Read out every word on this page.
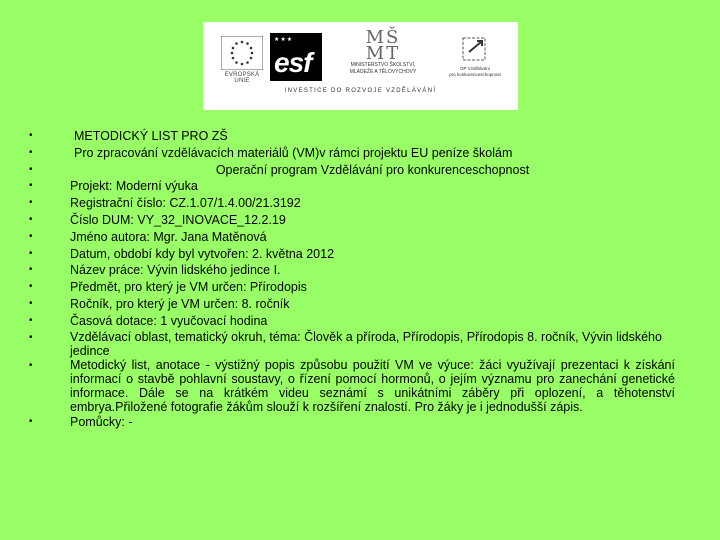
EVROPSKÁ UNIE
★★★
esf
MŠ
MT
MINISTERSTVO ŠKOLSTVÍ,
MLÁDEŽE A TĚLOVÝCHOVY
OP Vzdělávání
pro konkurenceschopnost
INVESTICE DO ROZVOJE VZDĚLÁVÁNÍ
•	METODICKÝ LIST PRO ZŠ
•	Pro zpracování vzdělávacích materiálů (VM)v rámci projektu EU peníze školám
•	Operační program Vzdělávání pro konkurenceschopnost
•	Projekt: Moderní výuka
•	Registrační číslo: CZ.1.07/1.4.00/21.3192
•	Číslo DUM: VY_32_INOVACE_12.2.19
•	Jméno autora: Mgr. Jana Matěnová
•	Datum, období kdy byl vytvořen: 2. května 2012
•	Název práce: Vývin lidského jedince I.
•	Předmět, pro který je VM určen: Přírodopis
•	Ročník, pro který je VM určen: 8. ročník
•	Časová dotace: 1 vyučovací hodina
•	Vzdělávací oblast, tematický okruh, téma: Člověk a příroda, Přírodopis, Přírodopis 8. ročník, Vývin lidského jedince
•	Metodický list, anotace - výstižný popis způsobu použití VM ve výuce: žáci využívají prezentaci k získání informací o stavbě pohlavní soustavy, o řízení pomocí hormonů, o jejím významu pro zanechání genetické informace. Dále se na krátkém videu seznámí s unikátními záběry při oplození, a těhotenství embrya.Přiložené fotografie žákům slouží k rozšíření znalostí. Pro žáky je i jednodušší zápis.
•	Pomůcky: -
